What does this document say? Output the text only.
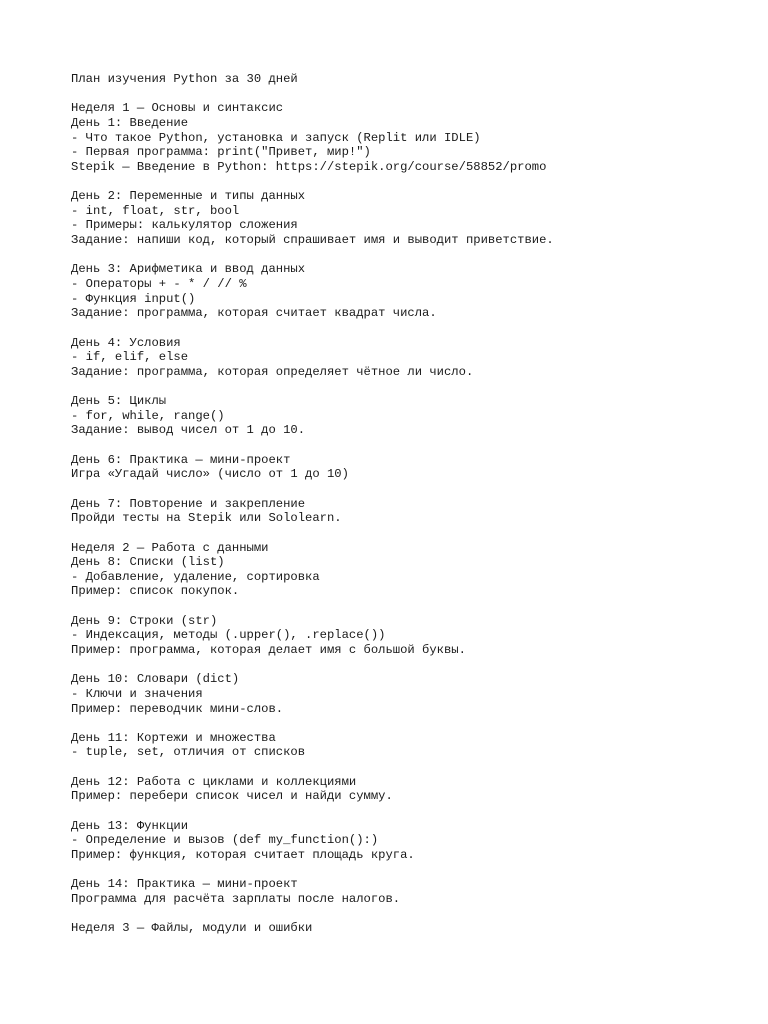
План изучения Python за 30 дней
Неделя 1 — Основы и синтаксис
День 1: Введение
- Что такое Python, установка и запуск (Replit или IDLE)
- Первая программа: print("Привет, мир!")
Stepik — Введение в Python: https://stepik.org/course/58852/promo
День 2: Переменные и типы данных
- int, float, str, bool
- Примеры: калькулятор сложения
Задание: напиши код, который спрашивает имя и выводит приветствие.
День 3: Арифметика и ввод данных
- Операторы + - * / // %
- Функция input()
Задание: программа, которая считает квадрат числа.
День 4: Условия
- if, elif, else
Задание: программа, которая определяет чётное ли число.
День 5: Циклы
- for, while, range()
Задание: вывод чисел от 1 до 10.
День 6: Практика — мини-проект
Игра «Угадай число» (число от 1 до 10)
День 7: Повторение и закрепление
Пройди тесты на Stepik или Sololearn.
Неделя 2 — Работа с данными
День 8: Списки (list)
- Добавление, удаление, сортировка
Пример: список покупок.
День 9: Строки (str)
- Индексация, методы (.upper(), .replace())
Пример: программа, которая делает имя с большой буквы.
День 10: Словари (dict)
- Ключи и значения
Пример: переводчик мини-слов.
День 11: Кортежи и множества
- tuple, set, отличия от списков
День 12: Работа с циклами и коллекциями
Пример: перебери список чисел и найди сумму.
День 13: Функции
- Определение и вызов (def my_function():)
Пример: функция, которая считает площадь круга.
День 14: Практика — мини-проект
Программа для расчёта зарплаты после налогов.
Неделя 3 — Файлы, модули и ошибки
